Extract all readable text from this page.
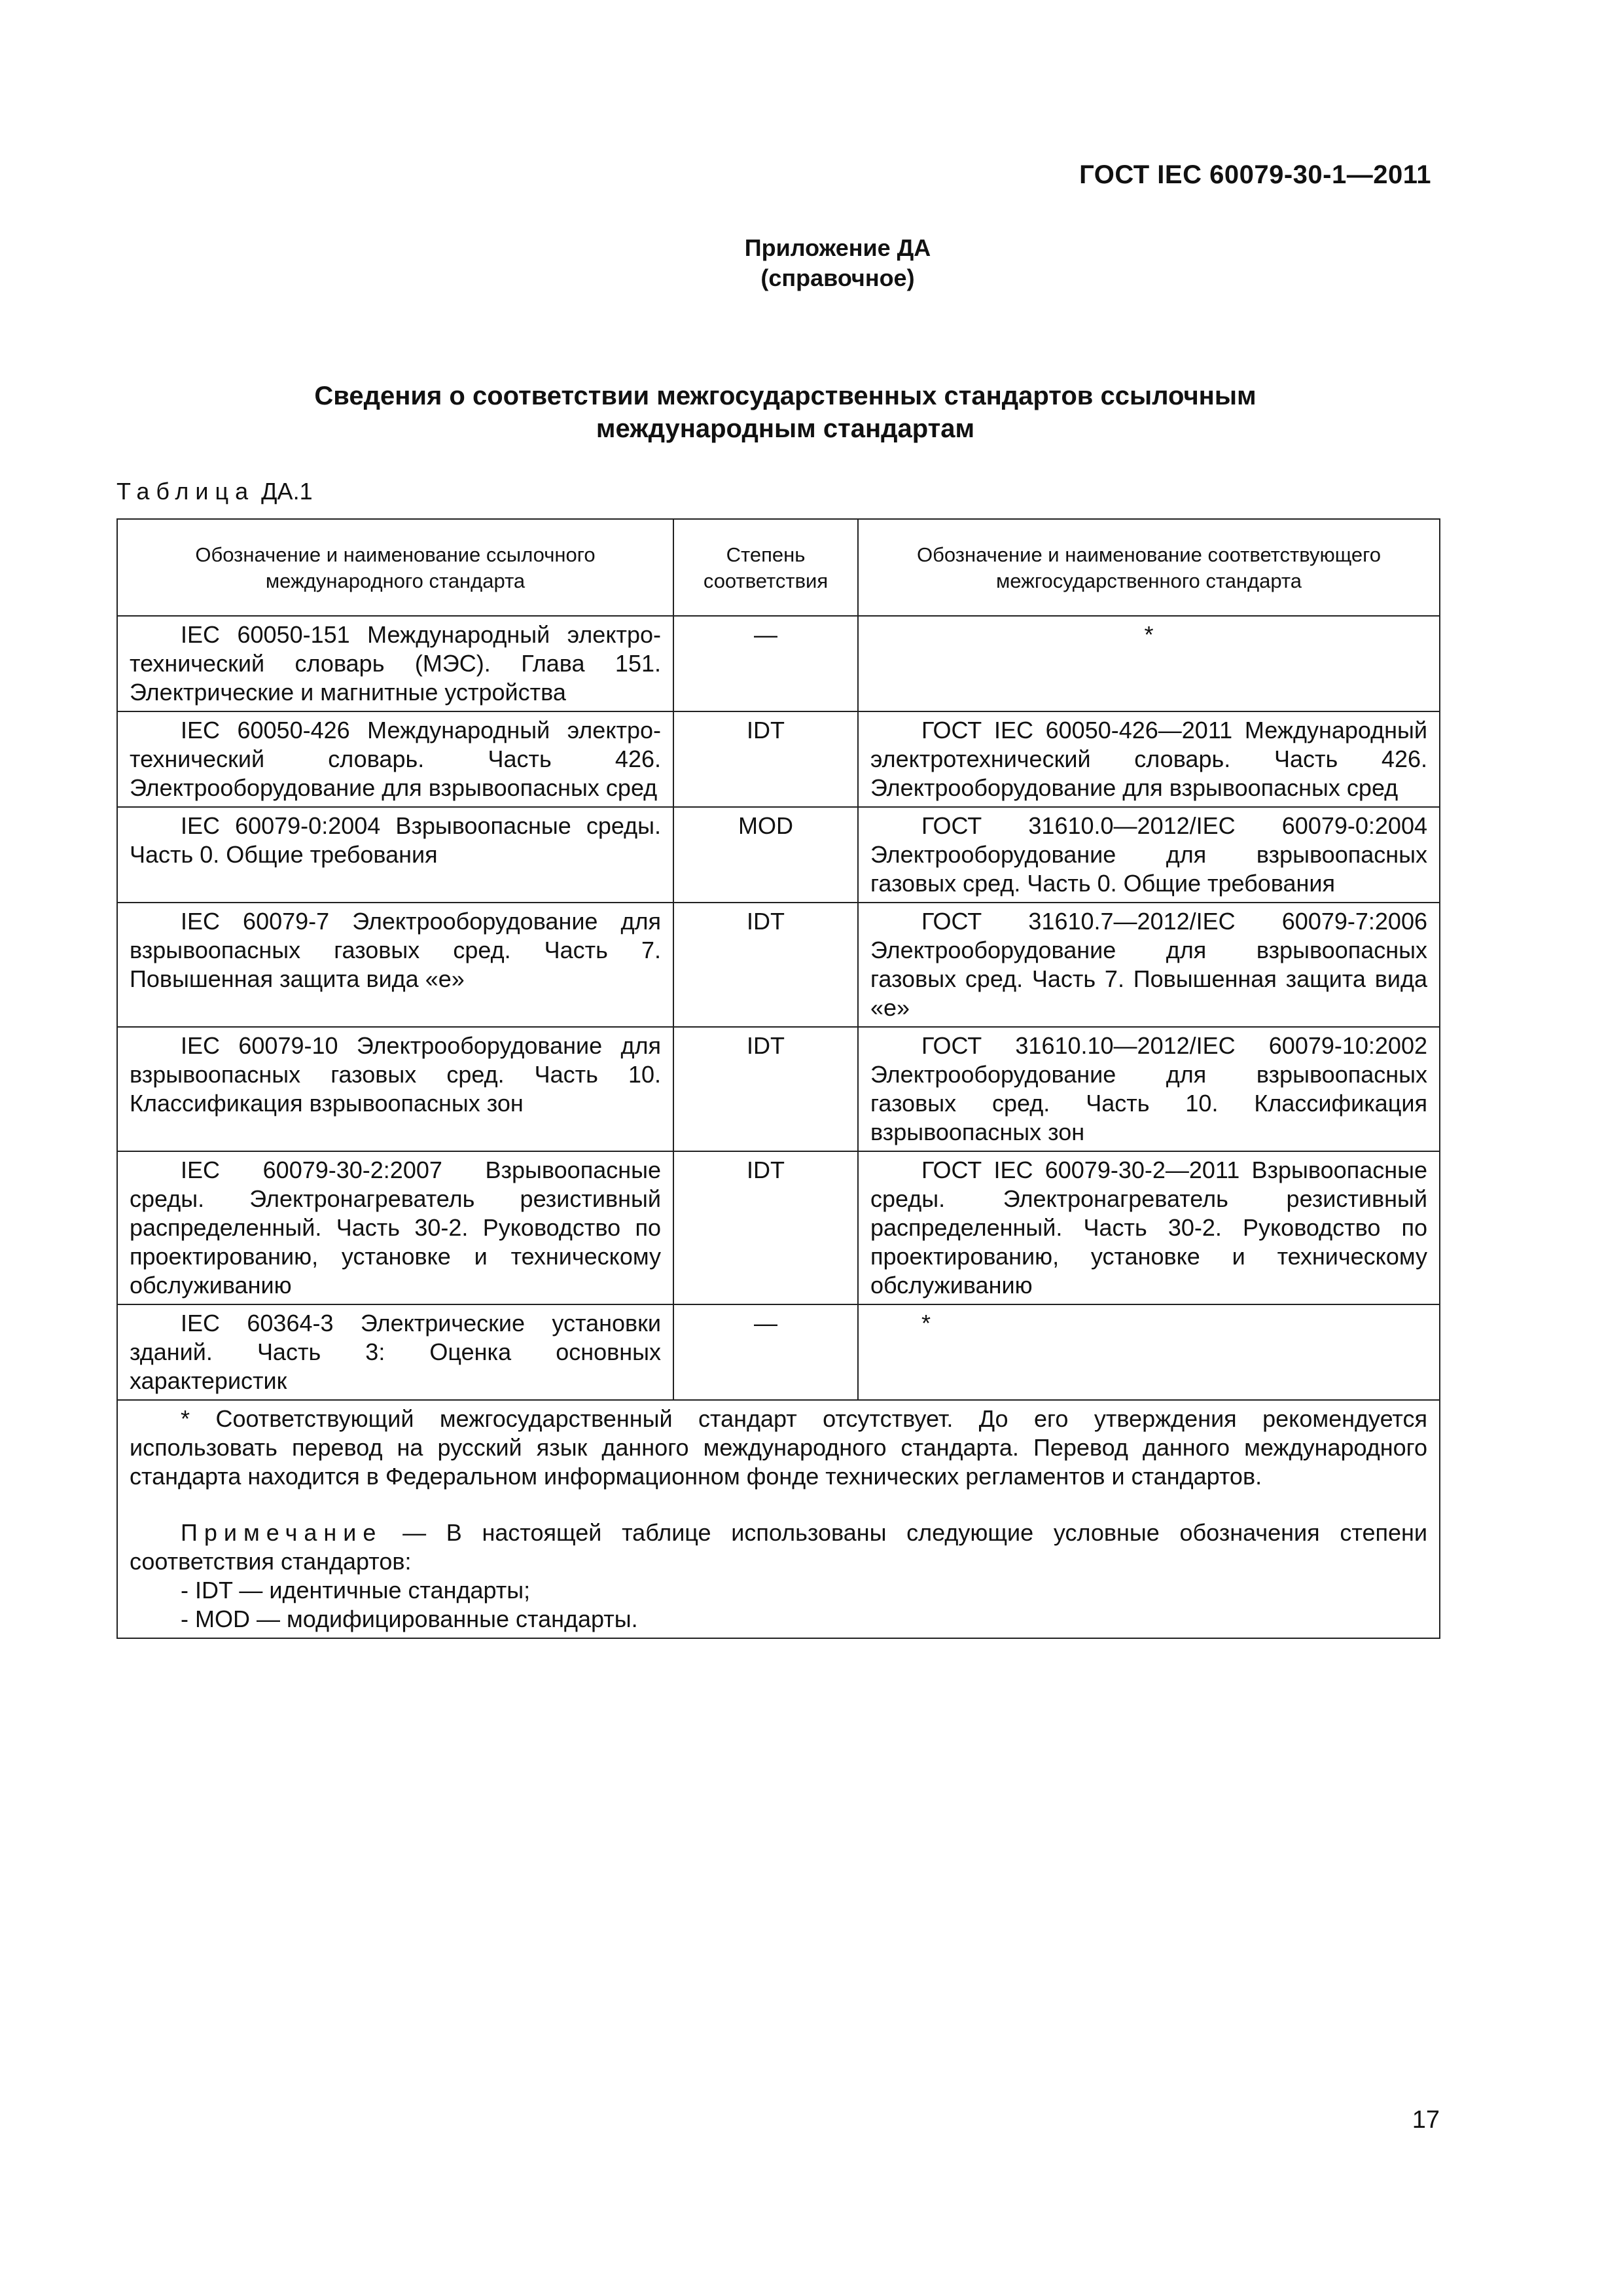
ГОСТ IEC 60079-30-1—2011
Приложение ДА
(справочное)
Сведения о соответствии межгосударственных стандартов ссылочным
международным стандартам
Таблица ДА.1
Обозначение и наименование ссылочного международного стандарта	Степень соответствия	Обозначение и наименование соответствующего межгосударственного стандарта
IEC 60050-151 Международный электро-технический словарь (МЭС). Глава 151. Электрические и магнитные устройства	—	*
IEC 60050-426 Международный электро-технический словарь. Часть 426. Электрооборудование для взрывоопасных сред	IDT	ГОСТ IEC 60050-426—2011 Международный электротехнический словарь. Часть 426. Электрооборудование для взрывоопасных сред
IEC 60079-0:2004 Взрывоопасные среды. Часть 0. Общие требования	MOD	ГОСТ 31610.0—2012/IEC 60079-0:2004 Электрооборудование для взрывоопасных газовых сред. Часть 0. Общие требования
IEC 60079-7 Электрооборудование для взрывоопасных газовых сред. Часть 7. Повышенная защита вида «е»	IDT	ГОСТ 31610.7—2012/IEC 60079-7:2006 Электрооборудование для взрывоопасных газовых сред. Часть 7. Повышенная защита вида «е»
IEC 60079-10 Электрооборудование для взрывоопасных газовых сред. Часть 10. Классификация взрывоопасных зон	IDT	ГОСТ 31610.10—2012/IEC 60079-10:2002 Электрооборудование для взрывоопасных газовых сред. Часть 10. Классификация взрывоопасных зон
IEC 60079-30-2:2007 Взрывоопасные среды. Электронагреватель резистивный распределенный. Часть 30-2. Руководство по проектированию, установке и техническому обслуживанию	IDT	ГОСТ IEC 60079-30-2—2011 Взрывоопасные среды. Электронагреватель резистивный распределенный. Часть 30-2. Руководство по проектированию, установке и техническому обслуживанию
IEC 60364-3 Электрические установки зданий. Часть 3: Оценка основных характеристик	—	*

* Соответствующий межгосударственный стандарт отсутствует. До его утверждения рекомендуется использовать перевод на русский язык данного международного стандарта. Перевод данного международного стандарта находится в Федеральном информационном фонде технических регламентов и стандартов.

Примечание — В настоящей таблице использованы следующие условные обозначения степени соответствия стандартов:

- IDT — идентичные стандарты;

- MOD — модифицированные стандарты.		

17
